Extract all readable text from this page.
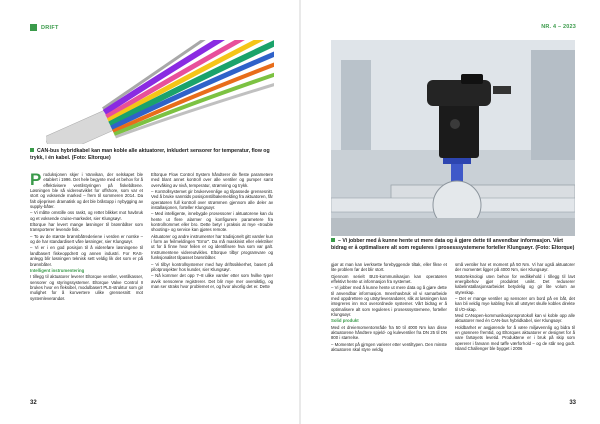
DRIFT
CAN-bus hybridkabel kan man koble alle aktuatorer, inkludert sensorer for temperatur, flow og trykk, i én kabel. (Foto: Eltorque)

Produksjonen skjer i Vanvikan, der selskapet ble etablert i 1996. Det hele begynte med et behov for å effektivisere ventilstyringen på fiskebåtene. Løsningen ble så videreutviklet for offshore, som var et stort og voksende marked – frem til sommeren 2014. Da falt oljeprisen dramatisk og det ble bråstopp i nybygging av supply-båter.

– Vi måtte omstille oss raskt, og rettet blikket mot havbruk og et voksende cruise-markedet, sier Klungsøyr.

Eltorque har levert mange løsninger til brønnbåter som transporterer levende fisk.

– To av de største brønnbåtrederiene i verden er norske – og de har standardisert våre løsninger, sier Klungsøyr.

– Vi er i en god posisjon til å videreføre løsningene til landbasert fiskeoppdrett og annen industri. For RAS-anlegg blir løsningen teknisk sett veldig lik det som er på brønnbåter.

Intelligent instrumentering

I tillegg til aktuatorer leverer Eltorque ventiler, ventilkasser, sensorer og styringssystemer. Eltorque Valve Control II brukes hvor en fleksibel, modulbasert PLS-struktur som gir mulighet for å konvertere ulike grensesnitt mot systemleverandør.

Eltorque Flow Control System håndterer de fleste parametere med blant annet kontroll over alle ventiler og pumper samt overvåking av nivå, temperatur, strømning og trykk.

– Kontrollsystemet gir brukervennlige og tilpassede grensesnitt. Ved å bruke sanntids posisjonstilbakemelding fra aktuatoren, får operatøren full kontroll over strømmen gjennom alle deler av installasjonen, forteller Klungsøyr.

– Med intelligente, innebygde prosessorer i aktuatorene kan du hente ut flere alarmer og konfigurere parametere fra kontrollrommet eller bro. Dette betyr i praksis at mye «trouble shooting» og service kan gjøres remote.

Aktuatorer og andre instrumenter har tradisjonelt gitt varsler kun i form av feilmeldingen "Error". Da må maskinist eller elektriker ut for å finne hvor feilen er og identifisere hva som var galt. Instrumentene videreutvikles. Eltorque tilbyr programvare og funksjonalitet tilpasset brønnbåter.

– Vi tilbyr kontrollsystemer med høy driftssikkerhet, basert på pilotprosjekter hos kunder, sier Klungsøyr.

– Nå kommer det opp 7–8 ulike varsler etter som hvilke typer avvik sensorene registrerer. Det blir mye mer oversiktlig, og man ser straks hvor problemet er, og hvor alvorlig det er. Dette

32
NR. 4 – 2023
– Vi jobber med å kunne hente ut mere data og å gjøre dette til anvendbar informasjon. Vårt bidrag er å optimalisere alt som reguleres i prosesssystemene forteller Klungsøyr. (Foto: Eltorque)

gjør at man kan iverksette forebyggende tiltak, eller fikse et lite problem før det blir stort.

Gjennom serielt BUS-kommunikasjon kan operatøren effektivt hente ut informasjon fra systemet.

– Vi jobber med å kunne hente ut mere data og å gjøre dette til anvendbar informasjon. Innenhavbruk vil vi samarbeide med oppdrettere og utstyrleverandører, slik at løsningen kan integreres inn mot overordnede systemer. Vårt bidrag er å optimalisere alt som reguleres i prosesssystemene, forteller Klungsøyr.

Solid produkt

Med et dreiemomentområde fra 50 til 4000 Nm kan disse aktuatorene håndtere spjeld- og kuleventiler fra DN 25 til DN 800 i størrelse.

– Momentet på gjrngen varierer etter ventiltypen. Den minste aktuatoren skal styre veldig

små ventiler har et moment på 50 Nm. Vi har også aktuatorer der momentet ligger på 4000 Nm, sier Klungsøyr.

Motorteknologi uten behov for vedlikehold i tillegg til lavt energibehov gjør produktet unikt. Det reduserer kabelinstallasjonsarbeidet betydelig og gir lite volum av styreskap.

– Det er mange ventiler og sensorer om bord på en båt, det kan bli veldig mye kabling hvis all utstyret skulle kobles direkte til I/O-skap.

Med CANopen-kommunikasjonsprotokoll kan vi koble opp alle aktuatorer med én CAN-bus hybridkabel, sier Klungsøyr.

Holdbarhet er avgjørende for å være miljøvennlig og bidra til en grønnere fremtid, og Eltorques aktuatorer er designet for å vare fartøyets levetid. Produktene er i bruk på skip som opererer i farvann med tøffe værforhold – og de står seg godt. Island Challenger ble bygget i 2006

33
